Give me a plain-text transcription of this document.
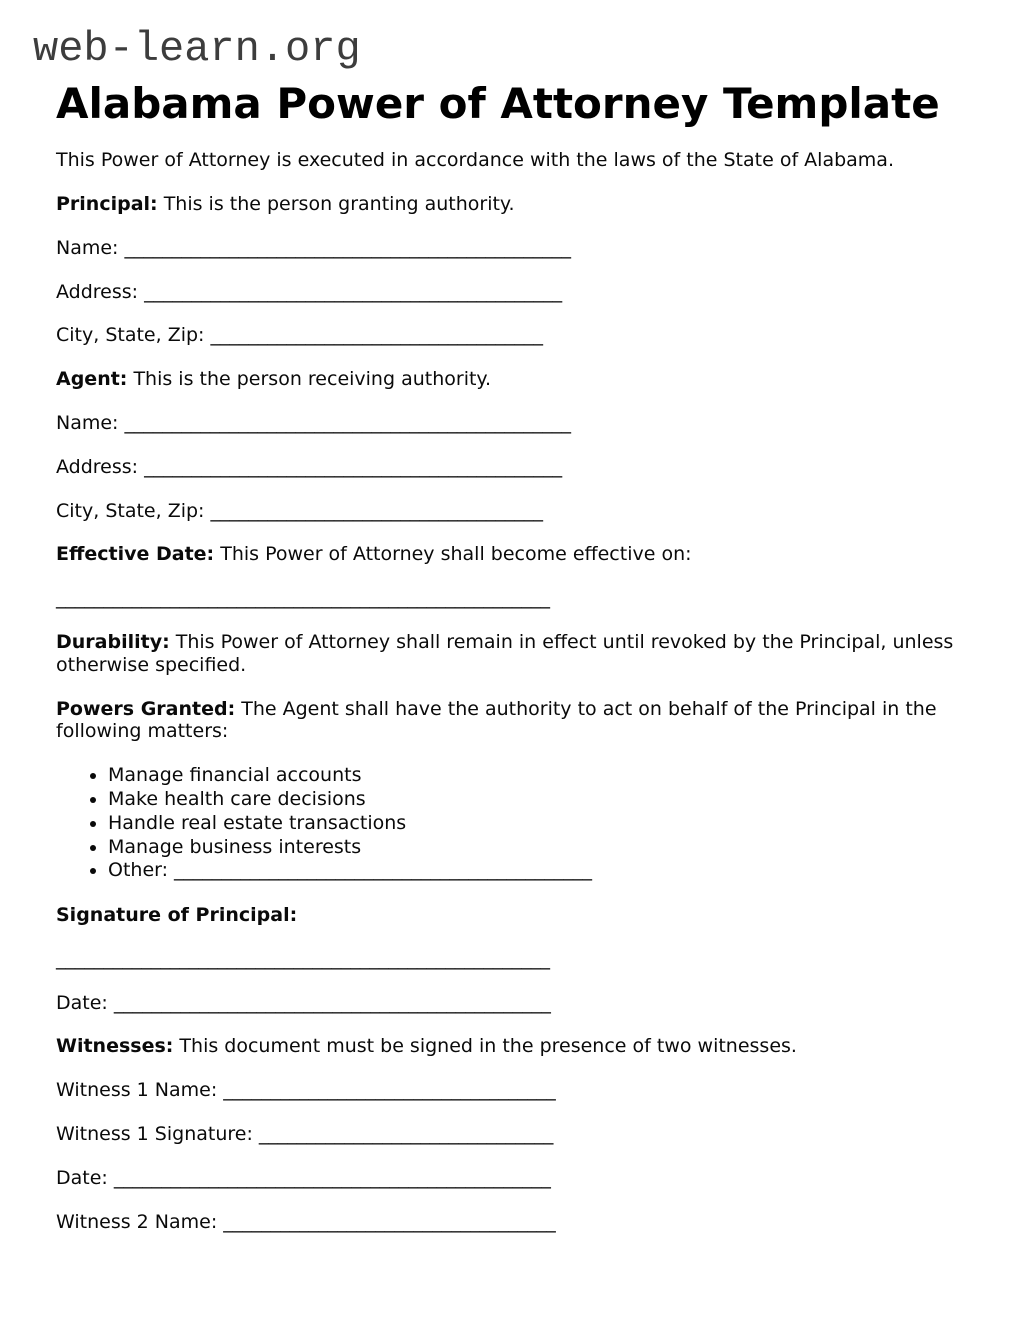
web-learn.org
Alabama Power of Attorney Template

This Power of Attorney is executed in accordance with the laws of the State of Alabama.

Principal: This is the person granting authority.

Name: _______________________________________________

Address: ____________________________________________

City, State, Zip: ___________________________________

Agent: This is the person receiving authority.

Name: _______________________________________________

Address: ____________________________________________

City, State, Zip: ___________________________________

Effective Date: This Power of Attorney shall become effective on:

____________________________________________________

Durability: This Power of Attorney shall remain in effect until revoked by the Principal, unless otherwise specified.

Powers Granted: The Agent shall have the authority to act on behalf of the Principal in the following matters:

• Manage financial accounts
• Make health care decisions
• Handle real estate transactions
• Manage business interests
• Other: ____________________________________________

Signature of Principal:

____________________________________________________

Date: ______________________________________________

Witnesses: This document must be signed in the presence of two witnesses.

Witness 1 Name: ___________________________________

Witness 1 Signature: _______________________________

Date: ______________________________________________

Witness 2 Name: ___________________________________
